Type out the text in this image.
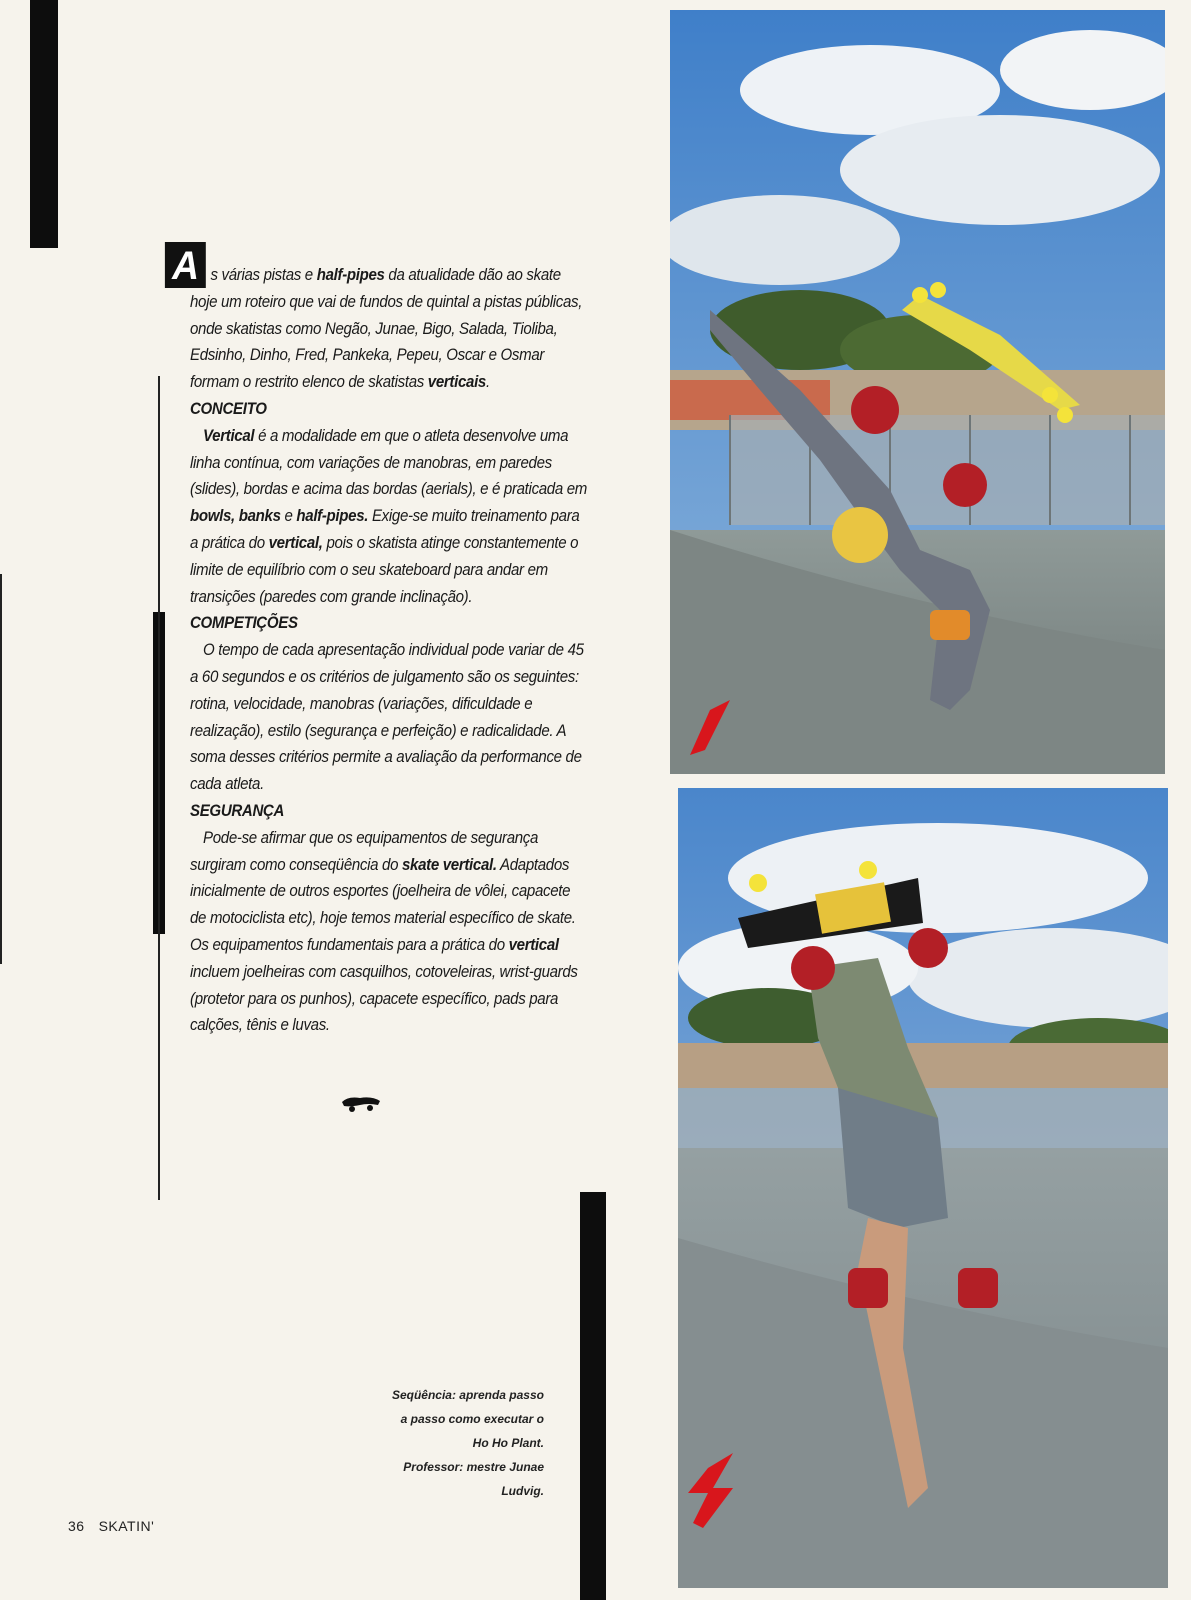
A s várias pistas e half-pipes da atualidade dão ao skate hoje um roteiro que vai de fundos de quintal a pistas públicas, onde skatistas como Negão, Junae, Bigo, Salada, Tioliba, Edsinho, Dinho, Fred, Pankeka, Pepeu, Oscar e Osmar formam o restrito elenco de skatistas verticais.

CONCEITO

Vertical é a modalidade em que o atleta desenvolve uma linha contínua, com variações de manobras, em paredes (slides), bordas e acima das bordas (aerials), e é praticada em bowls, banks e half-pipes. Exige-se muito treinamento para a prática do vertical, pois o skatista atinge constantemente o limite de equilíbrio com o seu skateboard para andar em transições (paredes com grande inclinação).

COMPETIÇÕES

O tempo de cada apresentação individual pode variar de 45 a 60 segundos e os critérios de julgamento são os seguintes: rotina, velocidade, manobras (variações, dificuldade e realização), estilo (segurança e perfeição) e radicalidade. A soma desses critérios permite a avaliação da performance de cada atleta.

SEGURANÇA

Pode-se afirmar que os equipamentos de segurança surgiram como conseqüência do skate vertical. Adaptados inicialmente de outros esportes (joelheira de vôlei, capacete de motociclista etc), hoje temos material específico de skate. Os equipamentos fundamentais para a prática do vertical incluem joelheiras com casquilhos, cotoveleiras, wrist-guards (protetor para os punhos), capacete específico, pads para calções, tênis e luvas.

Seqüência: aprenda passo

a passo como executar o

Ho Ho Plant.

Professor: mestre Junae

Ludvig.

36 SKATIN'
